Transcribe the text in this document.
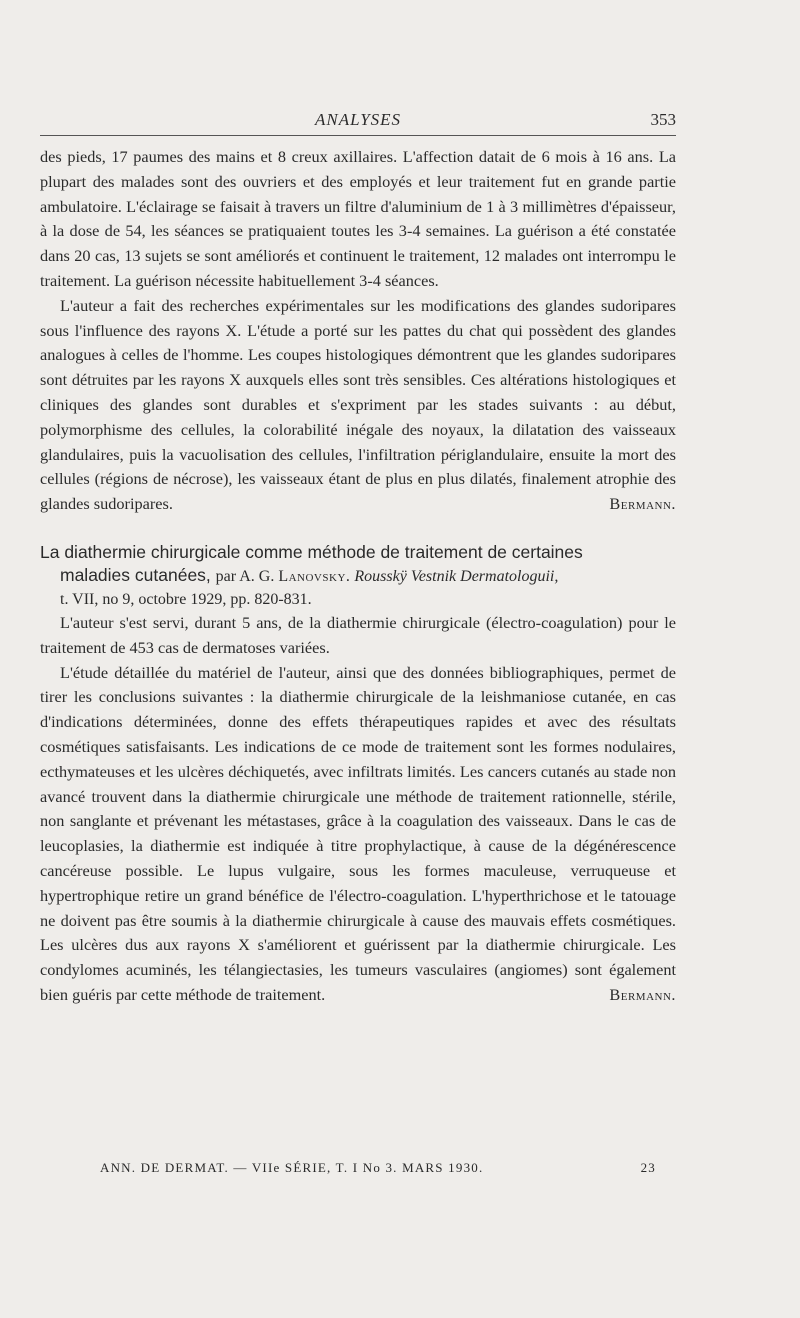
ANALYSES	353

des pieds, 17 paumes des mains et 8 creux axillaires. L'affection datait de 6 mois à 16 ans. La plupart des malades sont des ouvriers et des employés et leur traitement fut en grande partie ambulatoire. L'éclairage se faisait à travers un filtre d'aluminium de 1 à 3 millimètres d'épaisseur, à la dose de 54, les séances se pratiquaient toutes les 3-4 semaines. La guérison a été constatée dans 20 cas, 13 sujets se sont améliorés et continuent le traitement, 12 malades ont interrompu le traitement. La guérison nécessite habituellement 3-4 séances.

L'auteur a fait des recherches expérimentales sur les modifications des glandes sudoripares sous l'influence des rayons X. L'étude a porté sur les pattes du chat qui possèdent des glandes analogues à celles de l'homme. Les coupes histologiques démontrent que les glandes sudoripares sont détruites par les rayons X auxquels elles sont très sensibles. Ces altérations histologiques et cliniques des glandes sont durables et s'expriment par les stades suivants : au début, polymorphisme des cellules, la colorabilité inégale des noyaux, la dilatation des vaisseaux glandulaires, puis la vacuolisation des cellules, l'infiltration périglandulaire, ensuite la mort des cellules (régions de nécrose), les vaisseaux étant de plus en plus dilatés, finalement atrophie des glandes sudoripares.	Bermann.

La diathermie chirurgicale comme méthode de traitement de certaines
maladies cutanées, par A. G. Lanovsky. Rousskÿ Vestnik Dermatologuii,
t. VII, no 9, octobre 1929, pp. 820-831.

L'auteur s'est servi, durant 5 ans, de la diathermie chirurgicale (électro-coagulation) pour le traitement de 453 cas de dermatoses variées.

L'étude détaillée du matériel de l'auteur, ainsi que des données bibliographiques, permet de tirer les conclusions suivantes : la diathermie chirurgicale de la leishmaniose cutanée, en cas d'indications déterminées, donne des effets thérapeutiques rapides et avec des résultats cosmétiques satisfaisants. Les indications de ce mode de traitement sont les formes nodulaires, ecthymateuses et les ulcères déchiquetés, avec infiltrats limités. Les cancers cutanés au stade non avancé trouvent dans la diathermie chirurgicale une méthode de traitement rationnelle, stérile, non sanglante et prévenant les métastases, grâce à la coagulation des vaisseaux. Dans le cas de leucoplasies, la diathermie est indiquée à titre prophylactique, à cause de la dégénérescence cancéreuse possible. Le lupus vulgaire, sous les formes maculeuse, verruqueuse et hypertrophique retire un grand bénéfice de l'électro-coagulation. L'hyperthrichose et le tatouage ne doivent pas être soumis à la diathermie chirurgicale à cause des mauvais effets cosmétiques. Les ulcères dus aux rayons X s'améliorent et guérissent par la diathermie chirurgicale. Les condylomes acuminés, les télangiectasies, les tumeurs vasculaires (angiomes) sont également bien guéris par cette méthode de traitement.	Bermann.

ANN. DE DERMAT. — VIIe SÉRIE, T. I No 3. MARS 1930.	23
